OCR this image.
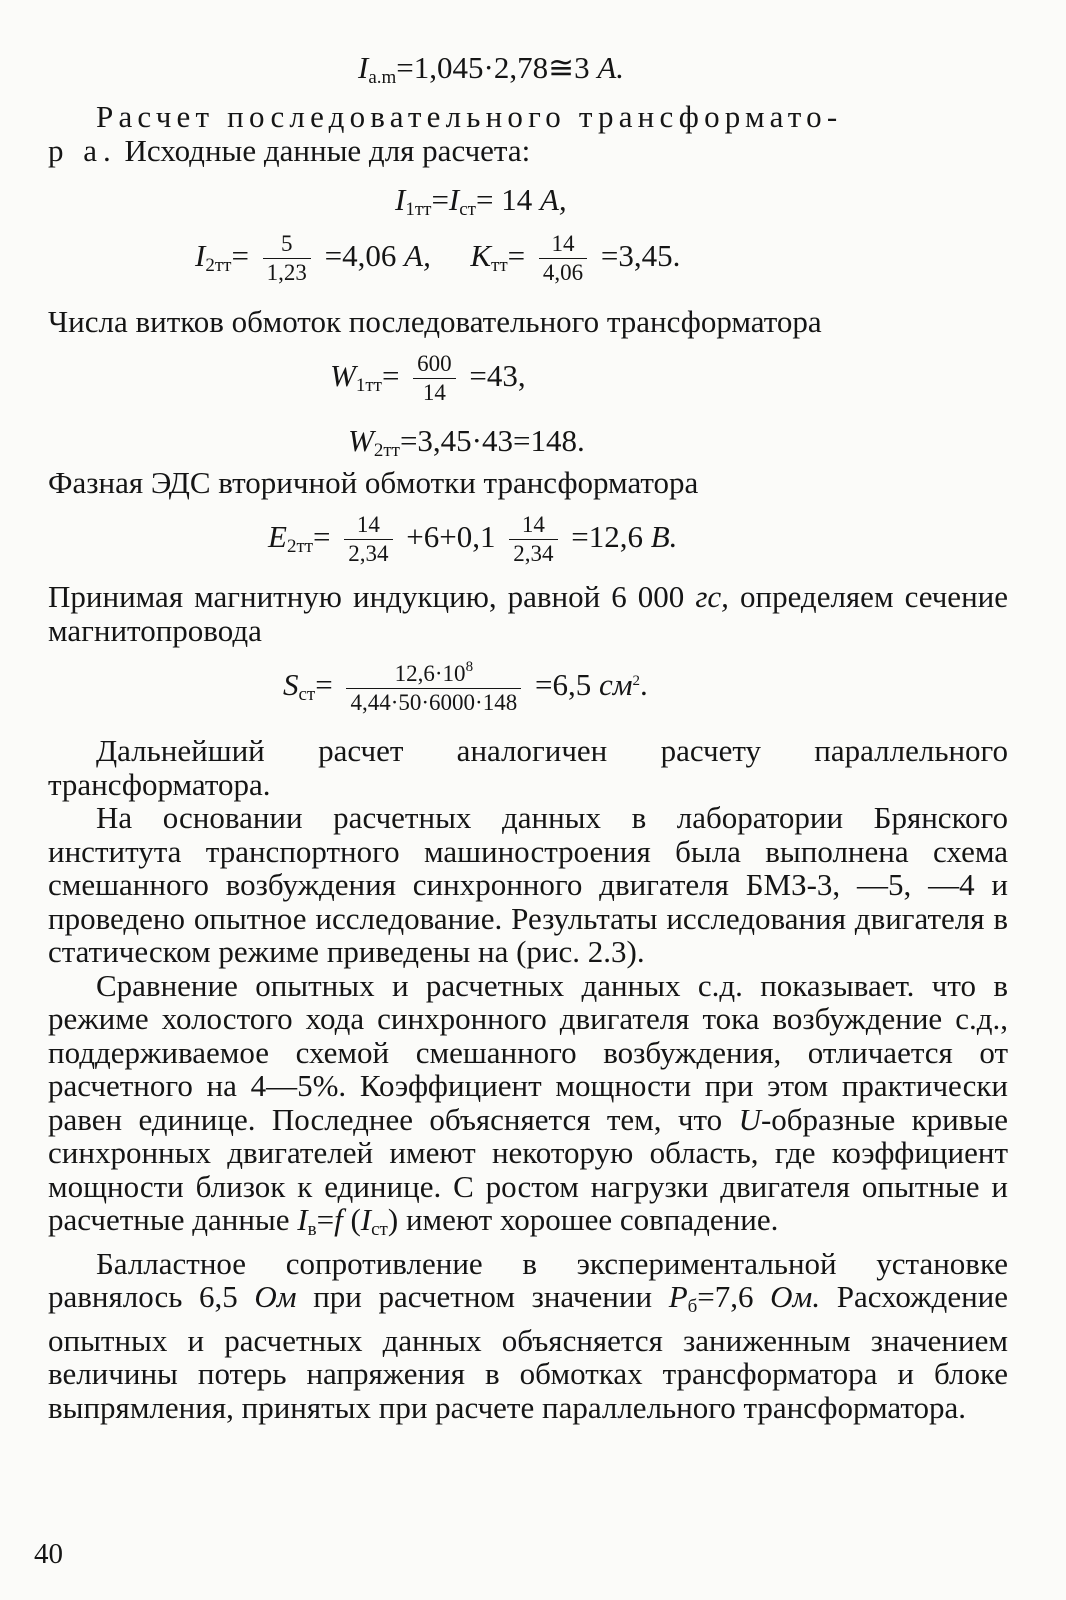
$I_{а.m}=1,045\cdot 2,78≅3$ A.

Расчет последовательного трансформато-

р а. Исходные данные для расчета:

$I_{1тт}=I_{ст}= 14$ A,
$I_{2тт}= \frac{5}{1,23} =4,06$ A, $K_{тт}= \frac{14}{4,06} =3,45$.

Числа витков обмоток последовательного трансформатора

$W_{1тт}= \frac{600}{14} =43$,
$W_{2тт}=3,45\cdot 43=148$.

Фазная ЭДС вторичной обмотки трансформатора

$E_{2тт}= \frac{14}{2,34} +6+0,1 \frac{14}{2,34} =12,6$ B.

Принимая магнитную индукцию, равной 6 000 гс, определяем сечение магнитопровода

$S_{ст}= \frac{12,6\cdot 10^8}{4,44\cdot 50\cdot 6000\cdot 148} =6,5$ $см^2$.

Дальнейший расчет аналогичен расчету параллельного трансформатора.

На основании расчетных данных в лаборатории Брянского института транспортного машиностроения была выполнена схема смешанного возбуждения синхронного двигателя БМЗ-3, —5, —4 и проведено опытное исследование. Результаты исследования двигателя в статическом режиме приведены на (рис. 2.3).

Сравнение опытных и расчетных данных с.д. показывает. что в режиме холостого хода синхронного двигателя тока возбуждение с.д., поддерживаемое схемой смешанного возбуждения, отличается от расчетного на 4—5%. Коэффициент мощности при этом практически равен единице. Последнее объясняется тем, что U-образные кривые синхронных двигателей имеют некоторую область, где коэффициент мощности близок к единице. С ростом нагрузки двигателя опытные и расчетные данные $I_в=f$ $(I_{ст})$ имеют хорошее совпадение.

Балластное сопротивление в экспериментальной установке равнялось 6,5 Ом при расчетном значении $P_б=7,6$ Ом. Расхождение опытных и расчетных данных объясняется заниженным значением величины потерь напряжения в обмотках трансформатора и блоке выпрямления, принятых при расчете параллельного трансформатора.

40
